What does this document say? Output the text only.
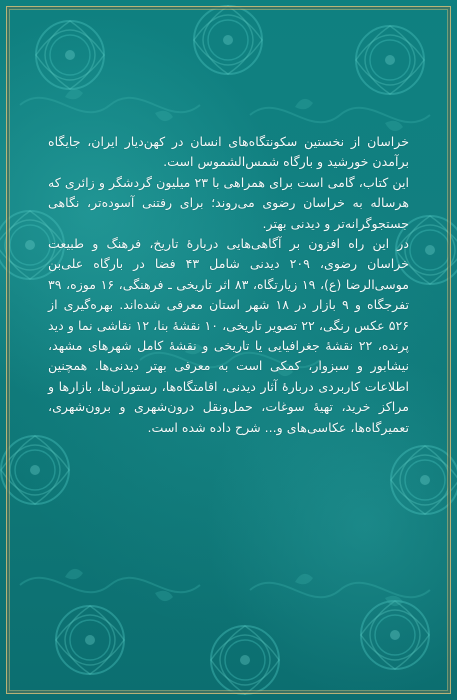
خراسان از نخستین سکونتگاه‌های انسان در کهن‌دیار ایران، جایگاه برآمدن خورشید و بارگاه شمس‌الشموس است.

این کتاب، گامی است برای همراهی با ۲۳ میلیون گردشگر و زائری که هرساله به خراسان رضوی می‌روند؛ برای رفتنی آسوده‌تر، نگاهی جستجوگرانه‌تر و دیدنی بهتر.

در این راه افزون بر آگاهی‌هایی دربارهٔ تاریخ، فرهنگ و طبیعت خراسان رضوی، ۲۰۹ دیدنی شامل ۴۳ فضا در بارگاه علی‌بن موسی‌الرضا (ع)، ۱۹ زیارتگاه، ۸۳ اثر تاریخی ـ فرهنگی، ۱۶ موزه، ۳۹ تفرجگاه و ۹ بازار در ۱۸ شهر استان معرفی شده‌اند. بهره‌گیری از ۵۲۶ عکس رنگی، ۲۲ تصویر تاریخی، ۱۰ نقشهٔ بنا، ۱۲ نقاشی نما و دید پرنده، ۲۲ نقشهٔ جغرافیایی یا تاریخی و نقشهٔ کامل شهرهای مشهد، نیشابور و سبزوار، کمکی است به معرفی بهتر دیدنی‌ها. همچنین اطلاعات کاربردی دربارهٔ آثار دیدنی، اقامتگاه‌ها، رستوران‌ها، بازارها و مراکز خرید، تهیهٔ سوغات، حمل‌ونقل درون‌شهری و برون‌شهری، تعمیرگاه‌ها، عکاسی‌های و... شرح داده شده است.
